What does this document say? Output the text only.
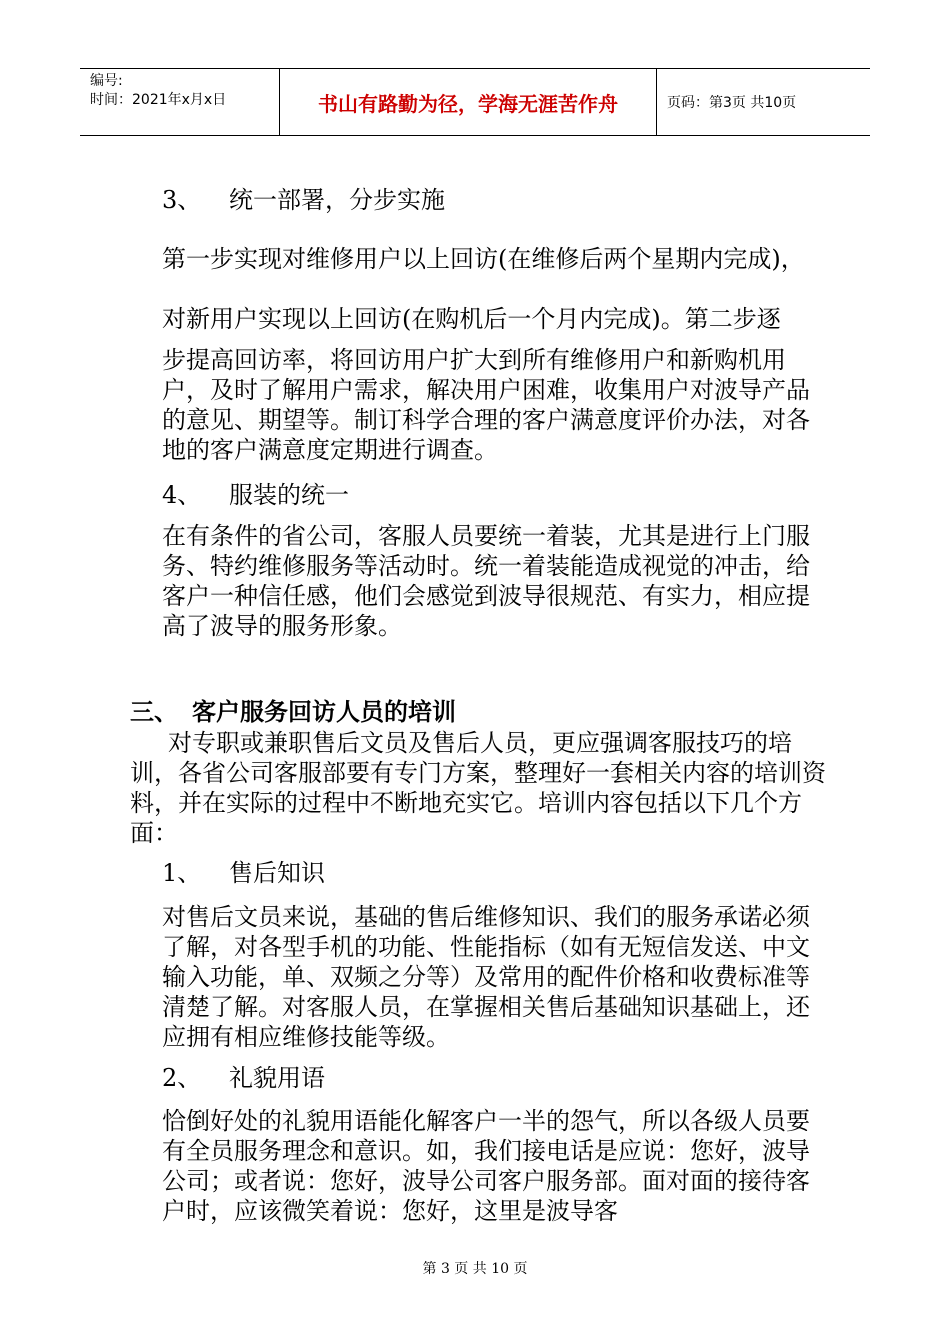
编号:
时间：2021年x月x日	书山有路勤为径，学海无涯苦作舟	页码：第3页 共10页
3、 统一部署，分步实施
第一步实现对维修用户以上回访(在维修后两个星期内完成)，
对新用户实现以上回访(在购机后一个月内完成)。第二步逐
步提高回访率，将回访用户扩大到所有维修用户和新购机用户，及时了解用户需求，解决用户困难，收集用户对波导产品的意见、期望等。制订科学合理的客户满意度评价办法，对各地的客户满意度定期进行调查。
4、 服装的统一
在有条件的省公司，客服人员要统一着装，尤其是进行上门服务、特约维修服务等活动时。统一着装能造成视觉的冲击，给客户一种信任感，他们会感觉到波导很规范、有实力，相应提高了波导的服务形象。
三、 客户服务回访人员的培训
对专职或兼职售后文员及售后人员，更应强调客服技巧的培训，各省公司客服部要有专门方案，整理好一套相关内容的培训资料，并在实际的过程中不断地充实它。培训内容包括以下几个方面：
1、 售后知识
对售后文员来说，基础的售后维修知识、我们的服务承诺必须了解，对各型手机的功能、性能指标（如有无短信发送、中文输入功能，单、双频之分等）及常用的配件价格和收费标准等清楚了解。对客服人员，在掌握相关售后基础知识基础上，还应拥有相应维修技能等级。
2、 礼貌用语
恰倒好处的礼貌用语能化解客户一半的怨气，所以各级人员要有全员服务理念和意识。如，我们接电话是应说：您好，波导公司；或者说：您好，波导公司客户服务部。面对面的接待客户时，应该微笑着说：您好，这里是波导客
第 3 页 共 10 页
